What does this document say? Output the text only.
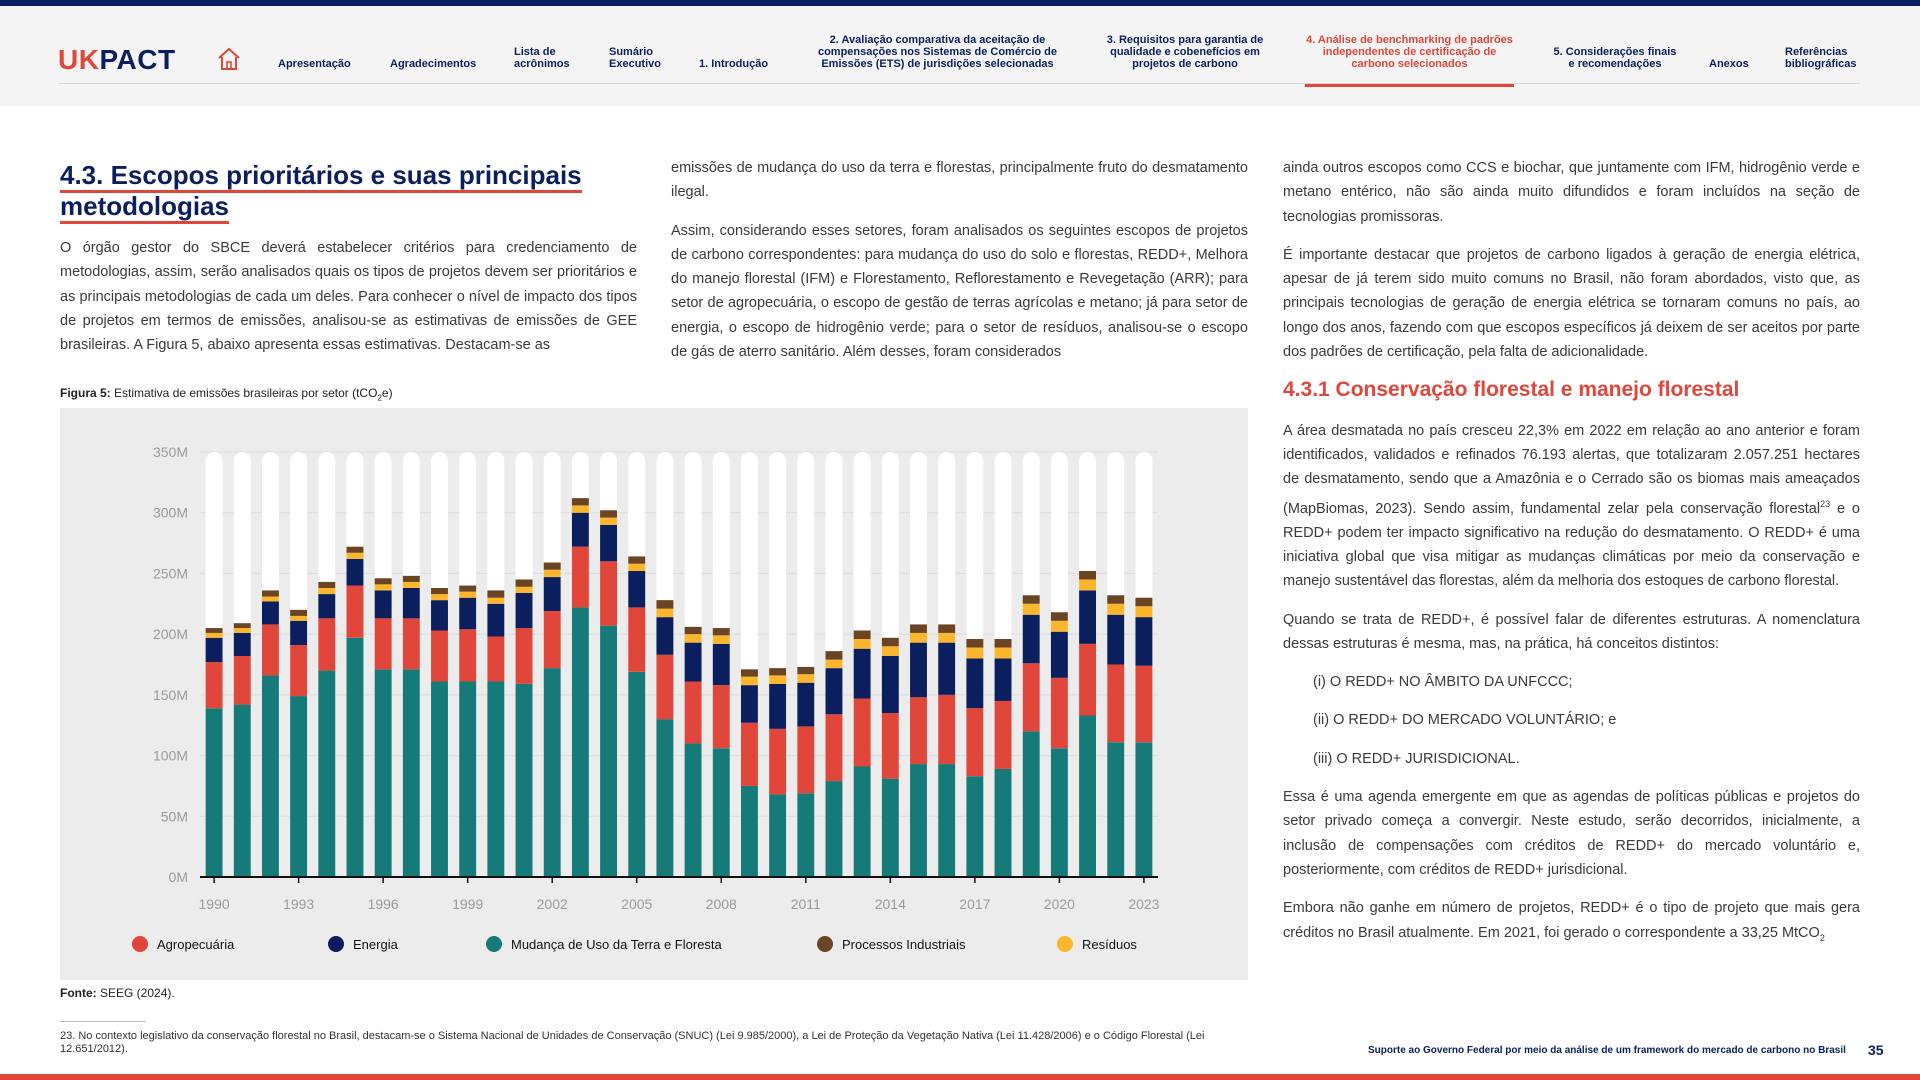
UKPACT	Apresentação	Agradecimentos
Lista de acrônimos
Sumário Executivo	1. Introdução
2. Avaliação comparativa da aceitação de compensações nos Sistemas de Comércio de Emissões (ETS) de jurisdições selecionadas
3. Requisitos para garantia de qualidade e cobenefícios em projetos de carbono
4. Análise de benchmarking de padrões independentes de certificação de carbono selecionados
5. Considerações finais e recomendações	Anexos
Referências bibliográficas
4.3. Escopos prioritários e suas principais metodologias

O órgão gestor do SBCE deverá estabelecer critérios para credenciamento de metodologias, assim, serão analisados quais os tipos de projetos devem ser prioritários e as principais metodologias de cada um deles. Para conhecer o nível de impacto dos tipos de projetos em termos de emissões, analisou-se as estimativas de emissões de GEE brasileiras. A Figura 5, abaixo apresenta essas estimativas. Destacam-se as

emissões de mudança do uso da terra e florestas, principalmente fruto do desmatamento ilegal.

Assim, considerando esses setores, foram analisados os seguintes escopos de projetos de carbono correspondentes: para mudança do uso do solo e florestas, REDD+, Melhora do manejo florestal (IFM) e Florestamento, Reflorestamento e Revegetação (ARR); para setor de agropecuária, o escopo de gestão de terras agrícolas e metano; já para setor de energia, o escopo de hidrogênio verde; para o setor de resíduos, analisou-se o escopo de gás de aterro sanitário. Além desses, foram considerados

ainda outros escopos como CCS e biochar, que juntamente com IFM, hidrogênio verde e metano entérico, não são ainda muito difundidos e foram incluídos na seção de tecnologias promissoras.

É importante destacar que projetos de carbono ligados à geração de energia elétrica, apesar de já terem sido muito comuns no Brasil, não foram abordados, visto que, as principais tecnologias de geração de energia elétrica se tornaram comuns no país, ao longo dos anos, fazendo com que escopos específicos já deixem de ser aceitos por parte dos padrões de certificação, pela falta de adicionalidade.

4.3.1 Conservação florestal e manejo florestal

A área desmatada no país cresceu 22,3% em 2022 em relação ao ano anterior e foram identificados, validados e refinados 76.193 alertas, que totalizaram 2.057.251 hectares de desmatamento, sendo que a Amazônia e o Cerrado são os biomas mais ameaçados (MapBiomas, 2023). Sendo assim, fundamental zelar pela conservação florestal$^{23}$ e o REDD+ podem ter impacto significativo na redução do desmatamento. O REDD+ é uma iniciativa global que visa mitigar as mudanças climáticas por meio da conservação e manejo sustentável das florestas, além da melhoria dos estoques de carbono florestal.

Quando se trata de REDD+, é possível falar de diferentes estruturas. A nomenclatura dessas estruturas é mesma, mas, na prática, há conceitos distintos:

(i) O REDD+ NO ÂMBITO DA UNFCCC;

(ii) O REDD+ DO MERCADO VOLUNTÁRIO; e

(iii) O REDD+ JURISDICIONAL.

Essa é uma agenda emergente em que as agendas de políticas públicas e projetos do setor privado começa a convergir. Neste estudo, serão decorridos, inicialmente, a inclusão de compensações com créditos de REDD+ do mercado voluntário e, posteriormente, com créditos de REDD+ jurisdicional.

Embora não ganhe em número de projetos, REDD+ é o tipo de projeto que mais gera créditos no Brasil atualmente. Em 2021, foi gerado o correspondente a 33,25 MtCO$_2$

Figura 5: Estimativa de emissões brasileiras por setor (tCO$_2$e)
0M
50M
100M
150M
200M
250M
300M
350M
1990	1993	1996	1999	2002	2005	2008	2011	2014	2017	2020	2023
Agropecuária	Energia	Mudança de Uso da Terra e Floresta	Processos Industriais	Resíduos
Fonte: SEEG (2024).
23. No contexto legislativo da conservação florestal no Brasil, destacam-se o Sistema Nacional de Unidades de Conservação (SNUC) (Lei 9.985/2000), a Lei de Proteção da Vegetação Nativa (Lei 11.428/2006) e o Código Florestal (Lei 12.651/2012).	Suporte ao Governo Federal por meio da análise de um framework do mercado de carbono no Brasil 35
